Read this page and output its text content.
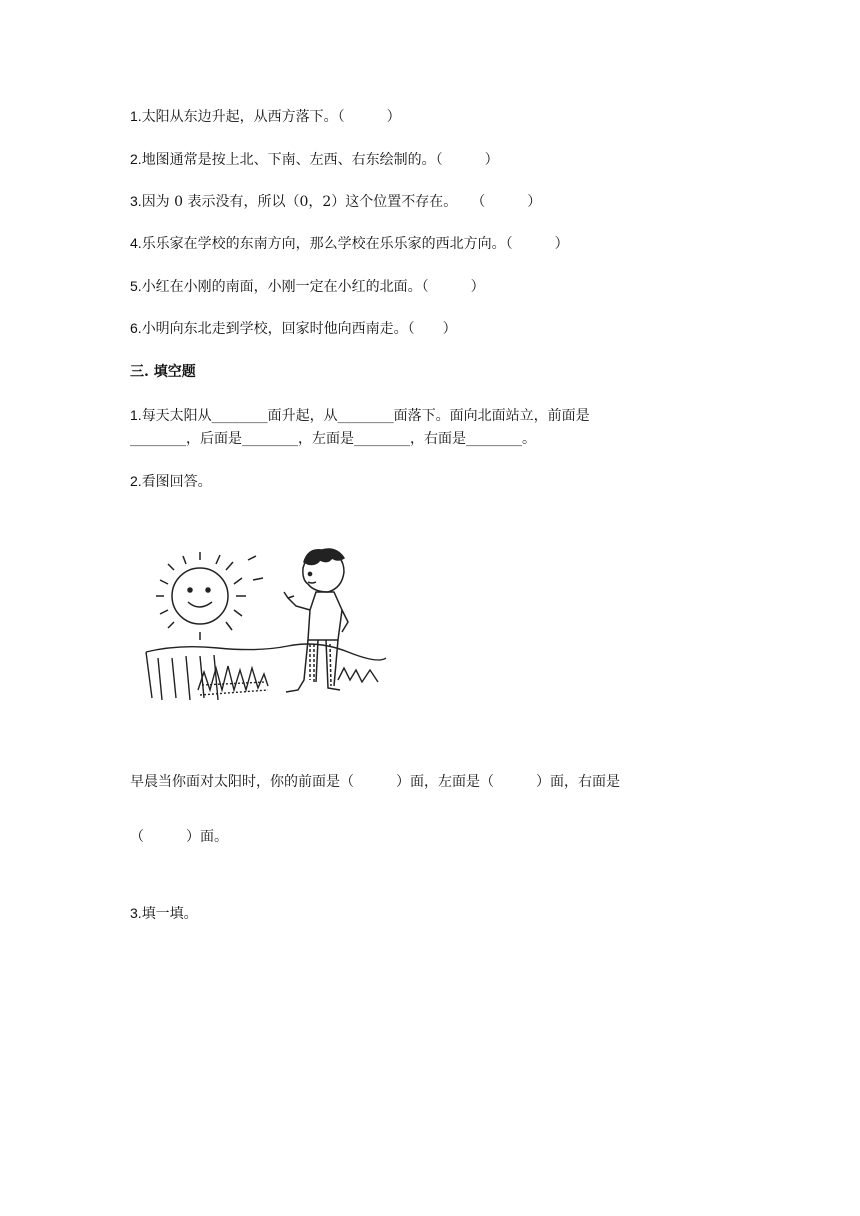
1.太阳从东边升起，从西方落下。（　　　）
2.地图通常是按上北、下南、左西、右东绘制的。（　　　）
3.因为 0 表示没有，所以（0，2）这个位置不存在。　　（　　　）
4.乐乐家在学校的东南方向，那么学校在乐乐家的西北方向。（　　　）
5.小红在小刚的南面，小刚一定在小红的北面。（　　　）
6.小明向东北走到学校，回家时他向西南走。（　　）
三. 填空题
1.每天太阳从________面升起，从________面落下。面向北面站立，前面是
________，后面是________，左面是________，右面是________。
2.看图回答。
早晨当你面对太阳时，你的前面是（　　　）面，左面是（　　　）面，右面是
（　　　）面。
3.填一填。
